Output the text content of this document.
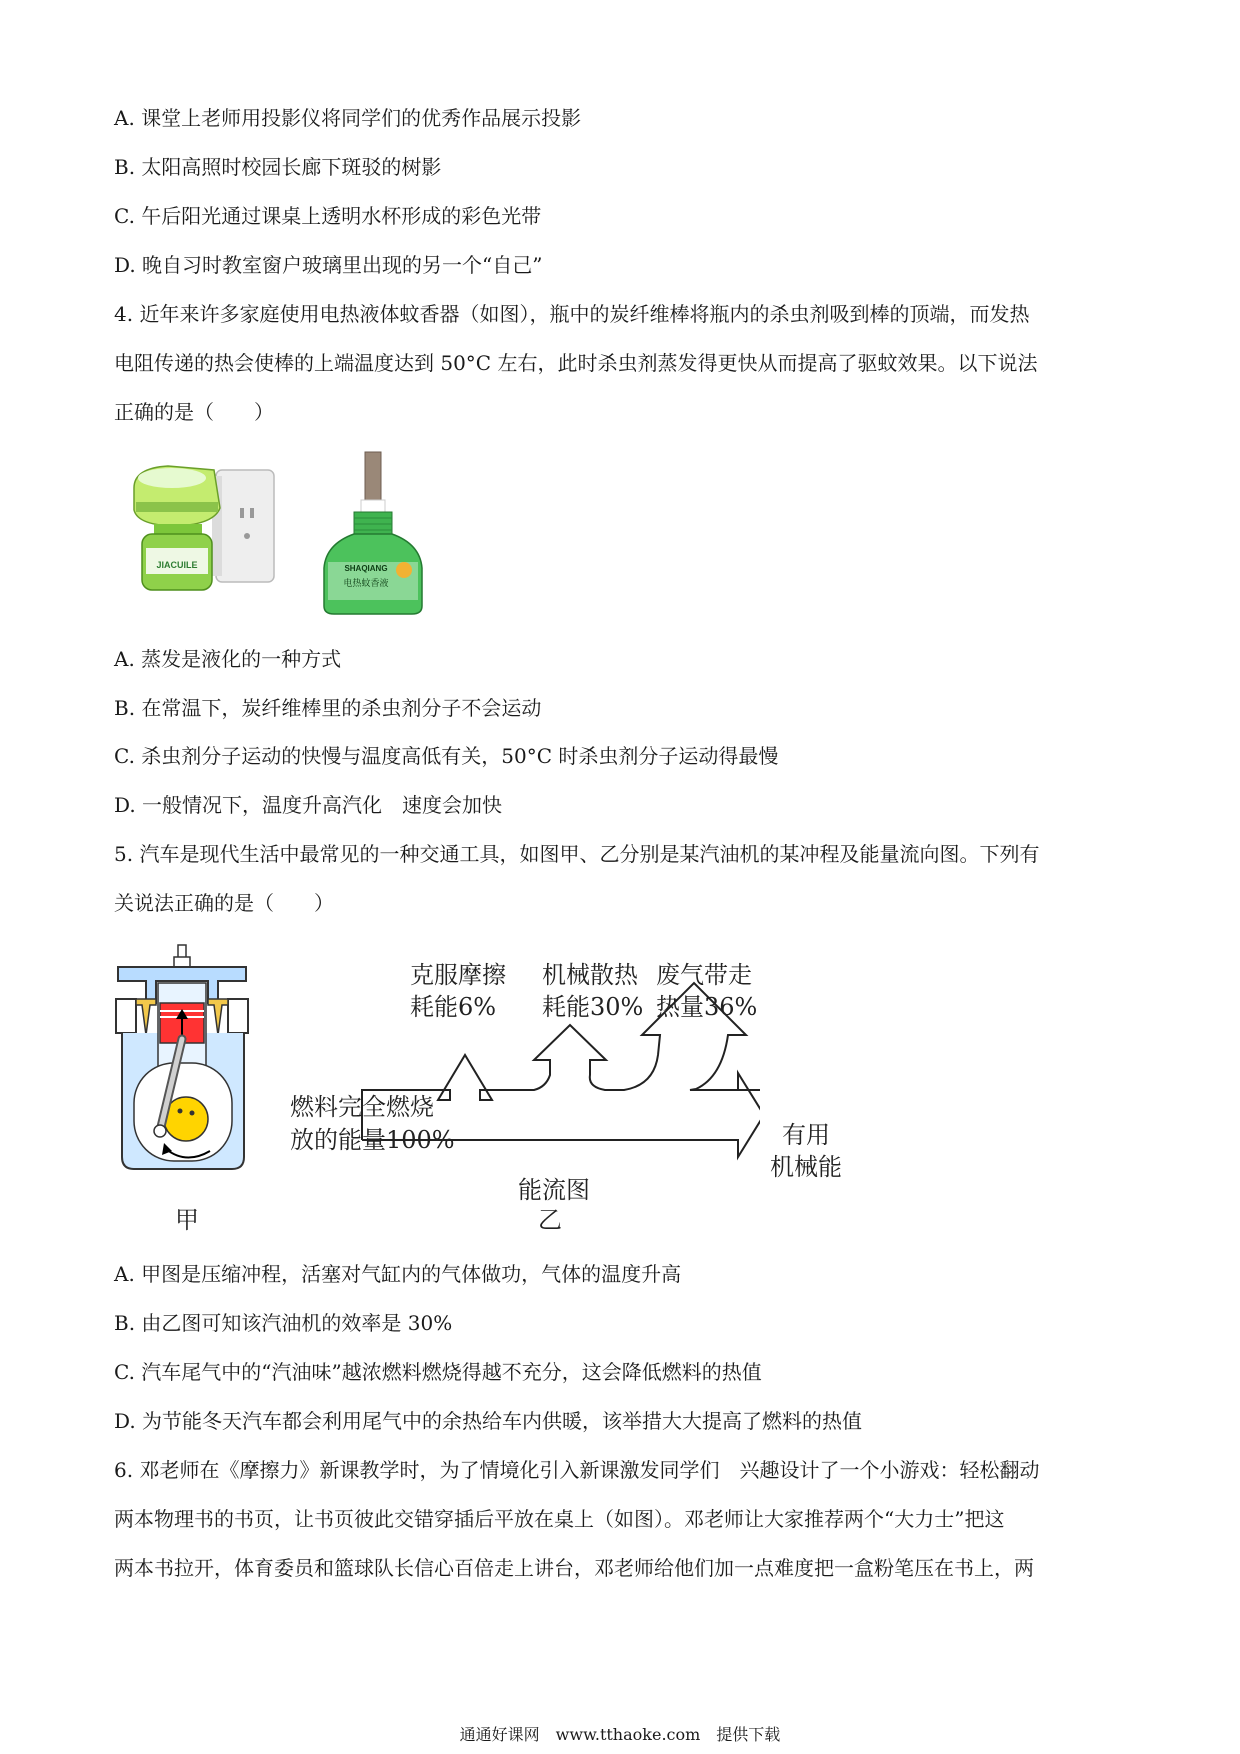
A. 课堂上老师用投影仪将同学们的优秀作品展示投影
B. 太阳高照时校园长廊下斑驳的树影
C. 午后阳光通过课桌上透明水杯形成的彩色光带
D. 晚自习时教室窗户玻璃里出现的另一个“自己”
4. 近年来许多家庭使用电热液体蚊香器（如图），瓶中的炭纤维棒将瓶内的杀虫剂吸到棒的顶端，而发热
电阻传递的热会使棒的上端温度达到 50°C 左右，此时杀虫剂蒸发得更快从而提高了驱蚊效果。以下说法
正确的是（　　）
JIACUILE	SHAQIANG
电热蚊香液
A. 蒸发是液化的一种方式
B. 在常温下，炭纤维棒里的杀虫剂分子不会运动
C. 杀虫剂分子运动的快慢与温度高低有关，50°C 时杀虫剂分子运动得最慢
D. 一般情况下，温度升高汽化　速度会加快
5. 汽车是现代生活中最常见的一种交通工具，如图甲、乙分别是某汽油机的某冲程及能量流向图。下列有
关说法正确的是（　　）
甲
克服摩擦
耗能6%
机械散热
耗能30%
废气带走
热量36%
燃料完全燃烧
放的能量100%	有用
机械能
能流图
乙
A. 甲图是压缩冲程，活塞对气缸内的气体做功，气体的温度升高
B. 由乙图可知该汽油机的效率是 30%
C. 汽车尾气中的“汽油味”越浓燃料燃烧得越不充分，这会降低燃料的热值
D. 为节能冬天汽车都会利用尾气中的余热给车内供暖，该举措大大提高了燃料的热值
6. 邓老师在《摩擦力》新课教学时，为了情境化引入新课激发同学们　兴趣设计了一个小游戏：轻松翻动
两本物理书的书页，让书页彼此交错穿插后平放在桌上（如图）。邓老师让大家推荐两个“大力士”把这
两本书拉开，体育委员和篮球队长信心百倍走上讲台，邓老师给他们加一点难度把一盒粉笔压在书上，两
通通好课网　www.tthaoke.com　提供下载
